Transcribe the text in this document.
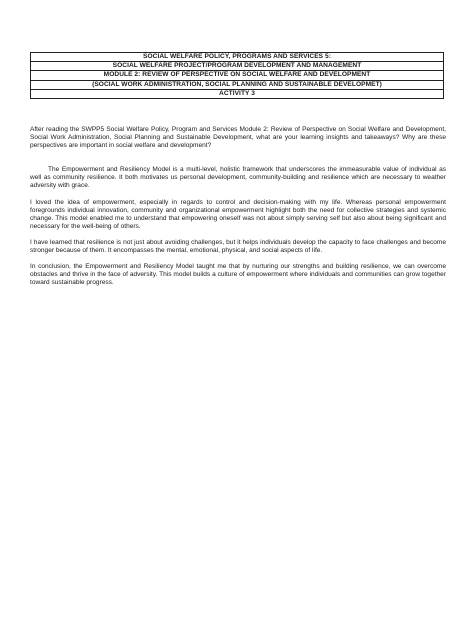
SOCIAL WELFARE POLICY, PROGRAMS AND SERVICES 5:
SOCIAL WELFARE PROJECT/PROGRAM DEVELOPMENT AND MANAGEMENT
MODULE 2: REVIEW OF PERSPECTIVE ON SOCIAL WELFARE AND DEVELOPMENT
(SOCIAL WORK ADMINISTRATION, SOCIAL PLANNING AND SUSTAINABLE DEVELOPMET)
ACTIVITY 3

After reading the SWPP5 Social Welfare Policy, Program and Services Module 2: Review of Perspective on Social Welfare and Development, Social Work Administration, Social Planning and Sustainable Development, what are your learning insights and takeaways? Why are these perspectives are important in social welfare and development?

The Empowerment and Resiliency Model is a multi-level, holistic framework that underscores the immeasurable value of individual as well as community resilience. It both motivates us personal development, community-building and resilience which are necessary to weather adversity with grace.

I loved the idea of empowerment, especially in regards to control and decision-making with my life. Whereas personal empowerment foregrounds individual innovation, community and organizational empowerment highlight both the need for collective strategies and systemic change. This model enabled me to understand that empowering oneself was not about simply serving self but also about being significant and necessary for the well-being of others.

I have learned that resilience is not just about avoiding challenges, but it helps individuals develop the capacity to face challenges and become stronger because of them. It encompasses the mental, emotional, physical, and social aspects of life.

In conclusion, the Empowerment and Resiliency Model taught me that by nurturing our strengths and building resilience, we can overcome obstacles and thrive in the face of adversity. This model builds a culture of empowerment where individuals and communities can grow together toward sustainable progress.
